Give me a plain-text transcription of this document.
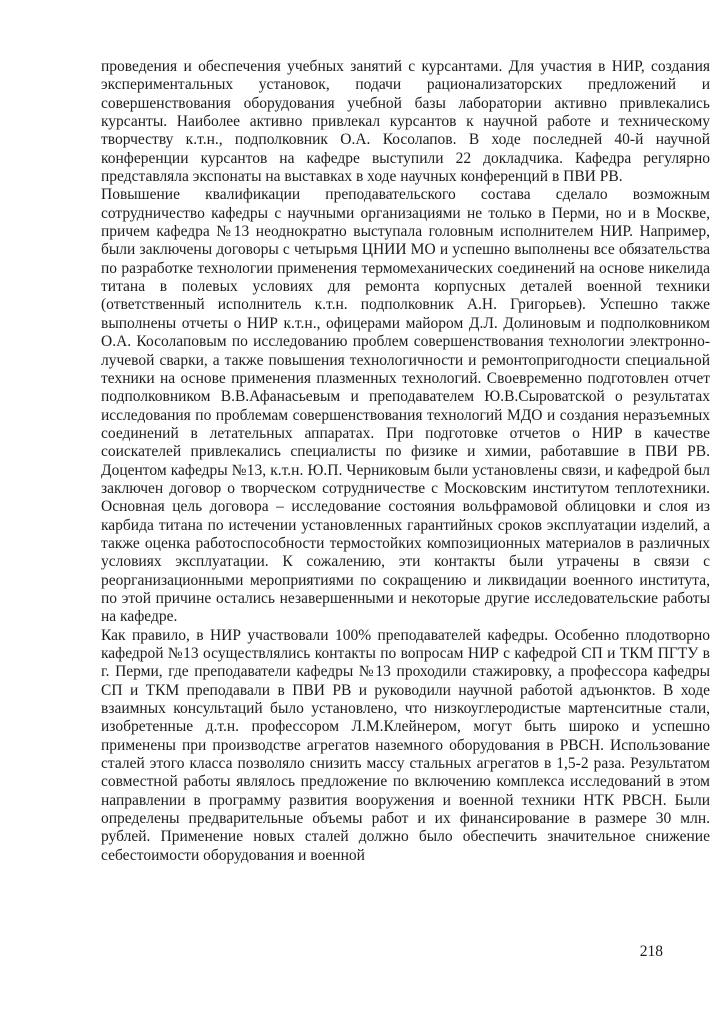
проведения и обеспечения учебных занятий с курсантами. Для участия в НИР, создания экспериментальных установок, подачи рационализаторских предложений и совершенствования оборудования учебной базы лаборатории активно привлекались курсанты. Наиболее активно привлекал курсантов к научной работе и техническому творчеству к.т.н., подполковник О.А. Косолапов. В ходе последней 40-й научной конференции курсантов на кафедре выступили 22 докладчика. Кафедра регулярно представляла экспонаты на выставках в ходе научных конференций в ПВИ РВ.

Повышение квалификации преподавательского состава сделало возможным сотрудничество кафедры с научными организациями не только в Перми, но и в Москве, причем кафедра №13 неоднократно выступала головным исполнителем НИР. Например, были заключены договоры с четырьмя ЦНИИ МО и успешно выполнены все обязательства по разработке технологии применения термомеханических соединений на основе никелида титана в полевых условиях для ремонта корпусных деталей военной техники (ответственный исполнитель к.т.н. подполковник А.Н. Григорьев). Успешно также выполнены отчеты о НИР к.т.н., офицерами майором Д.Л. Долиновым и подполковником О.А. Косолаповым по исследованию проблем совершенствования технологии электронно-лучевой сварки, а также повышения технологичности и ремонтопригодности специальной техники на основе применения плазменных технологий. Своевременно подготовлен отчет подполковником В.В.Афанасьевым и преподавателем Ю.В.Сыроватской о результатах исследования по проблемам совершенствования технологий МДО и создания неразъемных соединений в летательных аппаратах. При подготовке отчетов о НИР в качестве соискателей привлекались специалисты по физике и химии, работавшие в ПВИ РВ. Доцентом кафедры №13, к.т.н. Ю.П. Черниковым были установлены связи, и кафедрой был заключен договор о творческом сотрудничестве с Московским институтом теплотехники. Основная цель договора – исследование состояния вольфрамовой облицовки и слоя из карбида титана по истечении установленных гарантийных сроков эксплуатации изделий, а также оценка работоспособности термостойких композиционных материалов в различных условиях эксплуатации. К сожалению, эти контакты были утрачены в связи с реорганизационными мероприятиями по сокращению и ликвидации военного института, по этой причине остались незавершенными и некоторые другие исследовательские работы на кафедре.

Как правило, в НИР участвовали 100% преподавателей кафедры. Особенно плодотворно кафедрой №13 осуществлялись контакты по вопросам НИР с кафедрой СП и ТКМ ПГТУ в г. Перми, где преподаватели кафедры №13 проходили стажировку, а профессора кафедры СП и ТКМ преподавали в ПВИ РВ и руководили научной работой адъюнктов. В ходе взаимных консультаций было установлено, что низкоуглеродистые мартенситные стали, изобретенные д.т.н. профессором Л.М.Клейнером, могут быть широко и успешно применены при производстве агрегатов наземного оборудования в РВСН. Использование сталей этого класса позволяло снизить массу стальных агрегатов в 1,5-2 раза. Результатом совместной работы являлось предложение по включению комплекса исследований в этом направлении в программу развития вооружения и военной техники НТК РВСН. Были определены предварительные объемы работ и их финансирование в размере 30 млн. рублей. Применение новых сталей должно было обеспечить значительное снижение себестоимости оборудования и военной

218
